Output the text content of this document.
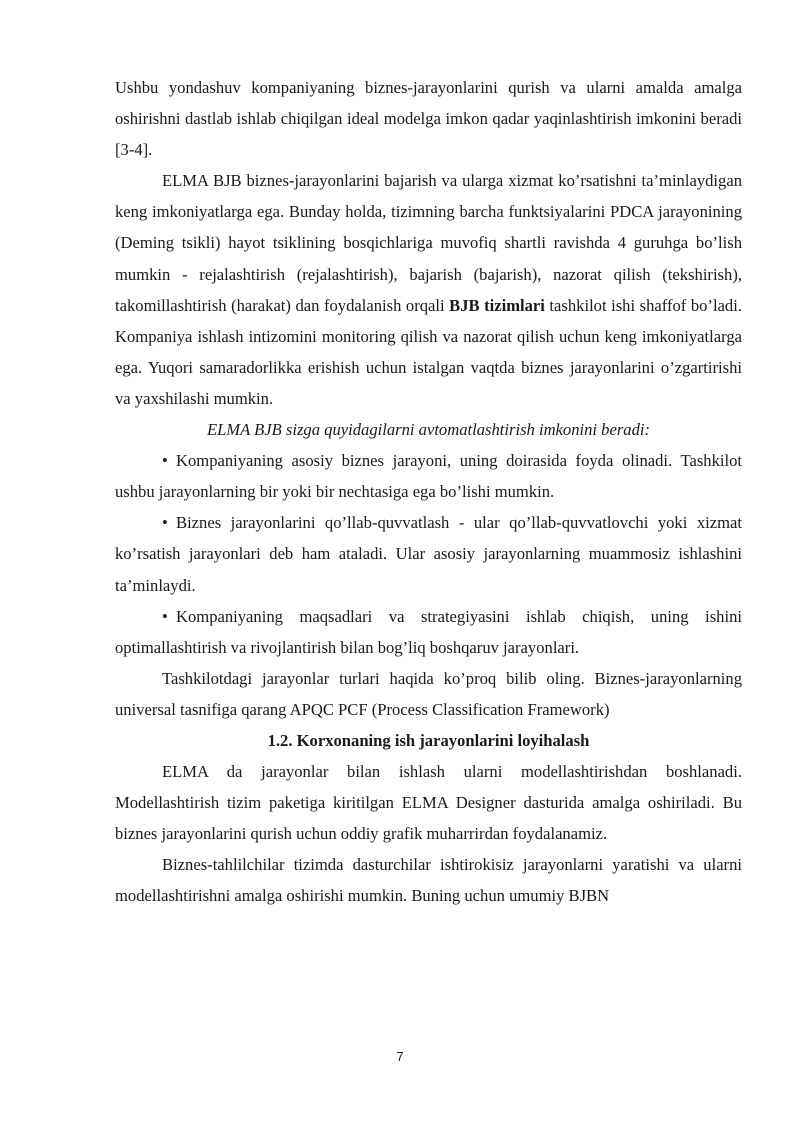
Ushbu yondashuv kompaniyaning biznes-jarayonlarini qurish va ularni amalda amalga oshirishni dastlab ishlab chiqilgan ideal modelga imkon qadar yaqinlashtirish imkonini beradi [3-4].

ELMA BJB biznes-jarayonlarini bajarish va ularga xizmat ko’rsatishni ta’minlaydigan keng imkoniyatlarga ega. Bunday holda, tizimning barcha funktsiyalarini PDCA jarayonining (Deming tsikli) hayot tsiklining bosqichlariga muvofiq shartli ravishda 4 guruhga bo’lish mumkin - rejalashtirish (rejalashtirish), bajarish (bajarish), nazorat qilish (tekshirish), takomillashtirish (harakat) dan foydalanish orqali BJB tizimlari tashkilot ishi shaffof bo’ladi. Kompaniya ishlash intizomini monitoring qilish va nazorat qilish uchun keng imkoniyatlarga ega. Yuqori samaradorlikka erishish uchun istalgan vaqtda biznes jarayonlarini o’zgartirishi va yaxshilashi mumkin.

ELMA BJB sizga quyidagilarni avtomatlashtirish imkonini beradi:

• Kompaniyaning asosiy biznes jarayoni, uning doirasida foyda olinadi. Tashkilot ushbu jarayonlarning bir yoki bir nechtasiga ega bo’lishi mumkin.

• Biznes jarayonlarini qo’llab-quvvatlash - ular qo’llab-quvvatlovchi yoki xizmat ko’rsatish jarayonlari deb ham ataladi. Ular asosiy jarayonlarning muammosiz ishlashini ta’minlaydi.

• Kompaniyaning maqsadlari va strategiyasini ishlab chiqish, uning ishini optimallashtirish va rivojlantirish bilan bog’liq boshqaruv jarayonlari.

Tashkilotdagi jarayonlar turlari haqida ko’proq bilib oling. Biznes-jarayonlarning universal tasnifiga qarang APQC PCF (Process Classification Framework)

1.2. Korxonaning ish jarayonlarini loyihalash

ELMA da jarayonlar bilan ishlash ularni modellashtirishdan boshlanadi. Modellashtirish tizim paketiga kiritilgan ELMA Designer dasturida amalga oshiriladi. Bu biznes jarayonlarini qurish uchun oddiy grafik muharrirdan foydalanamiz.

Biznes-tahlilchilar tizimda dasturchilar ishtirokisiz jarayonlarni yaratishi va ularni modellashtirishni amalga oshirishi mumkin. Buning uchun umumiy BJBN

7
